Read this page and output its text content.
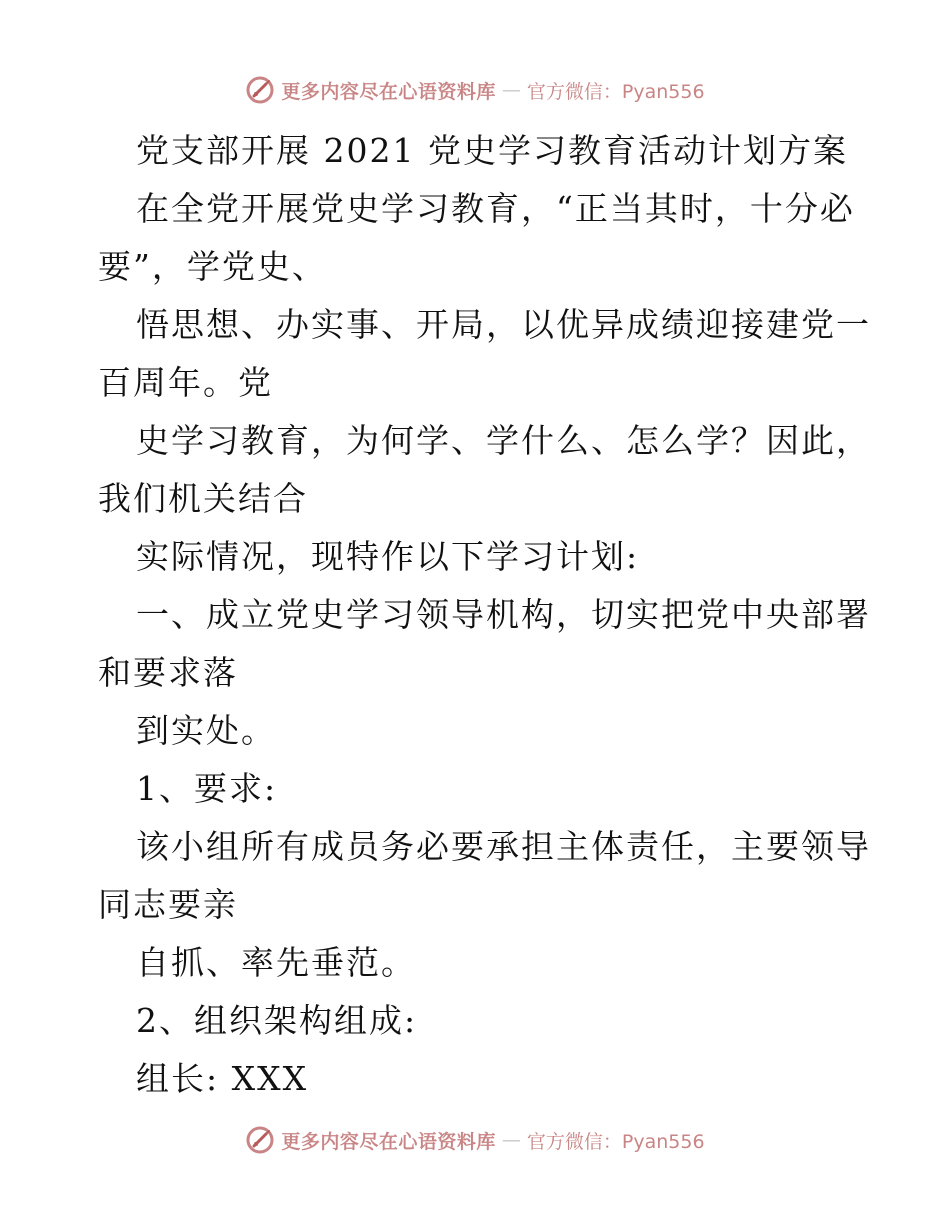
更多内容尽在心语资料库 — 官方微信：Pyan556
党支部开展 2021 党史学习教育活动计划方案
在全党开展党史学习教育，“正当其时，十分必
要”，学党史、
悟思想、办实事、开局，以优异成绩迎接建党一
百周年。党
史学习教育，为何学、学什么、怎么学？因此，
我们机关结合
实际情况，现特作以下学习计划:
一、成立党史学习领导机构，切实把党中央部署
和要求落
到实处。
1、要求:
该小组所有成员务必要承担主体责任，主要领导
同志要亲
自抓、率先垂范。
2、组织架构组成:
组长: XXX
更多内容尽在心语资料库 — 官方微信：Pyan556
